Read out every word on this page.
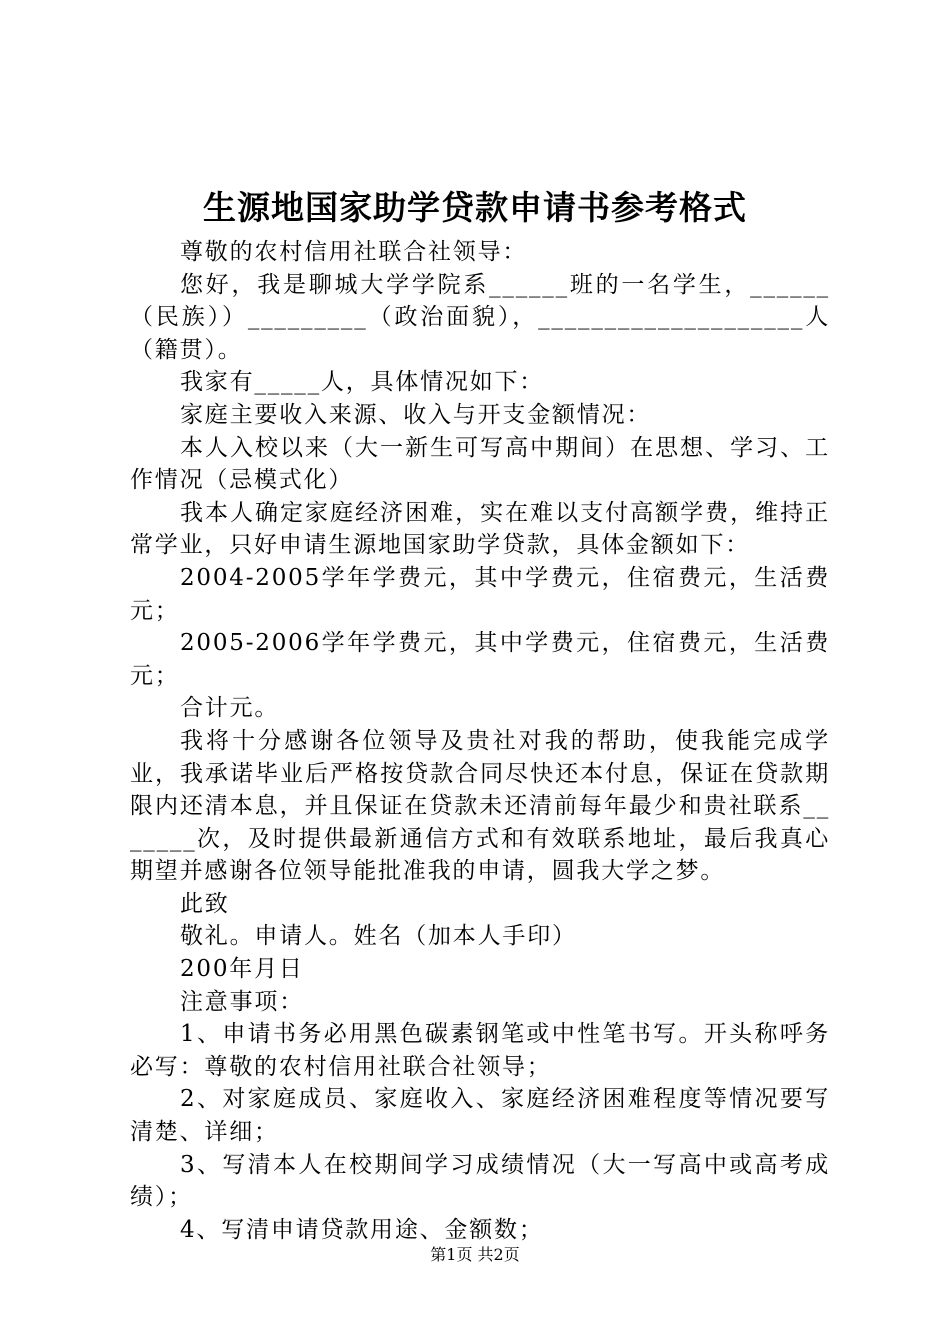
生源地国家助学贷款申请书参考格式

尊敬的农村信用社联合社领导：

您好，我是聊城大学学院系______班的一名学生，______（民族））_________（政治面貌），____________________人（籍贯）。

我家有_____人，具体情况如下：

家庭主要收入来源、收入与开支金额情况：

本人入校以来（大一新生可写高中期间）在思想、学习、工作情况（忌模式化）

我本人确定家庭经济困难，实在难以支付高额学费，维持正常学业，只好申请生源地国家助学贷款，具体金额如下：

2004-2005学年学费元，其中学费元，住宿费元，生活费元；

2005-2006学年学费元，其中学费元，住宿费元，生活费元；

合计元。

我将十分感谢各位领导及贵社对我的帮助，使我能完成学业，我承诺毕业后严格按贷款合同尽快还本付息，保证在贷款期限内还清本息，并且保证在贷款未还清前每年最少和贵社联系_______次，及时提供最新通信方式和有效联系地址，最后我真心期望并感谢各位领导能批准我的申请，圆我大学之梦。

此致

敬礼。申请人。姓名（加本人手印）

200年月日

注意事项：

1、申请书务必用黑色碳素钢笔或中性笔书写。开头称呼务必写：尊敬的农村信用社联合社领导；

2、对家庭成员、家庭收入、家庭经济困难程度等情况要写清楚、详细；

3、写清本人在校期间学习成绩情况（大一写高中或高考成绩）；

4、写清申请贷款用途、金额数；

第1页 共2页
